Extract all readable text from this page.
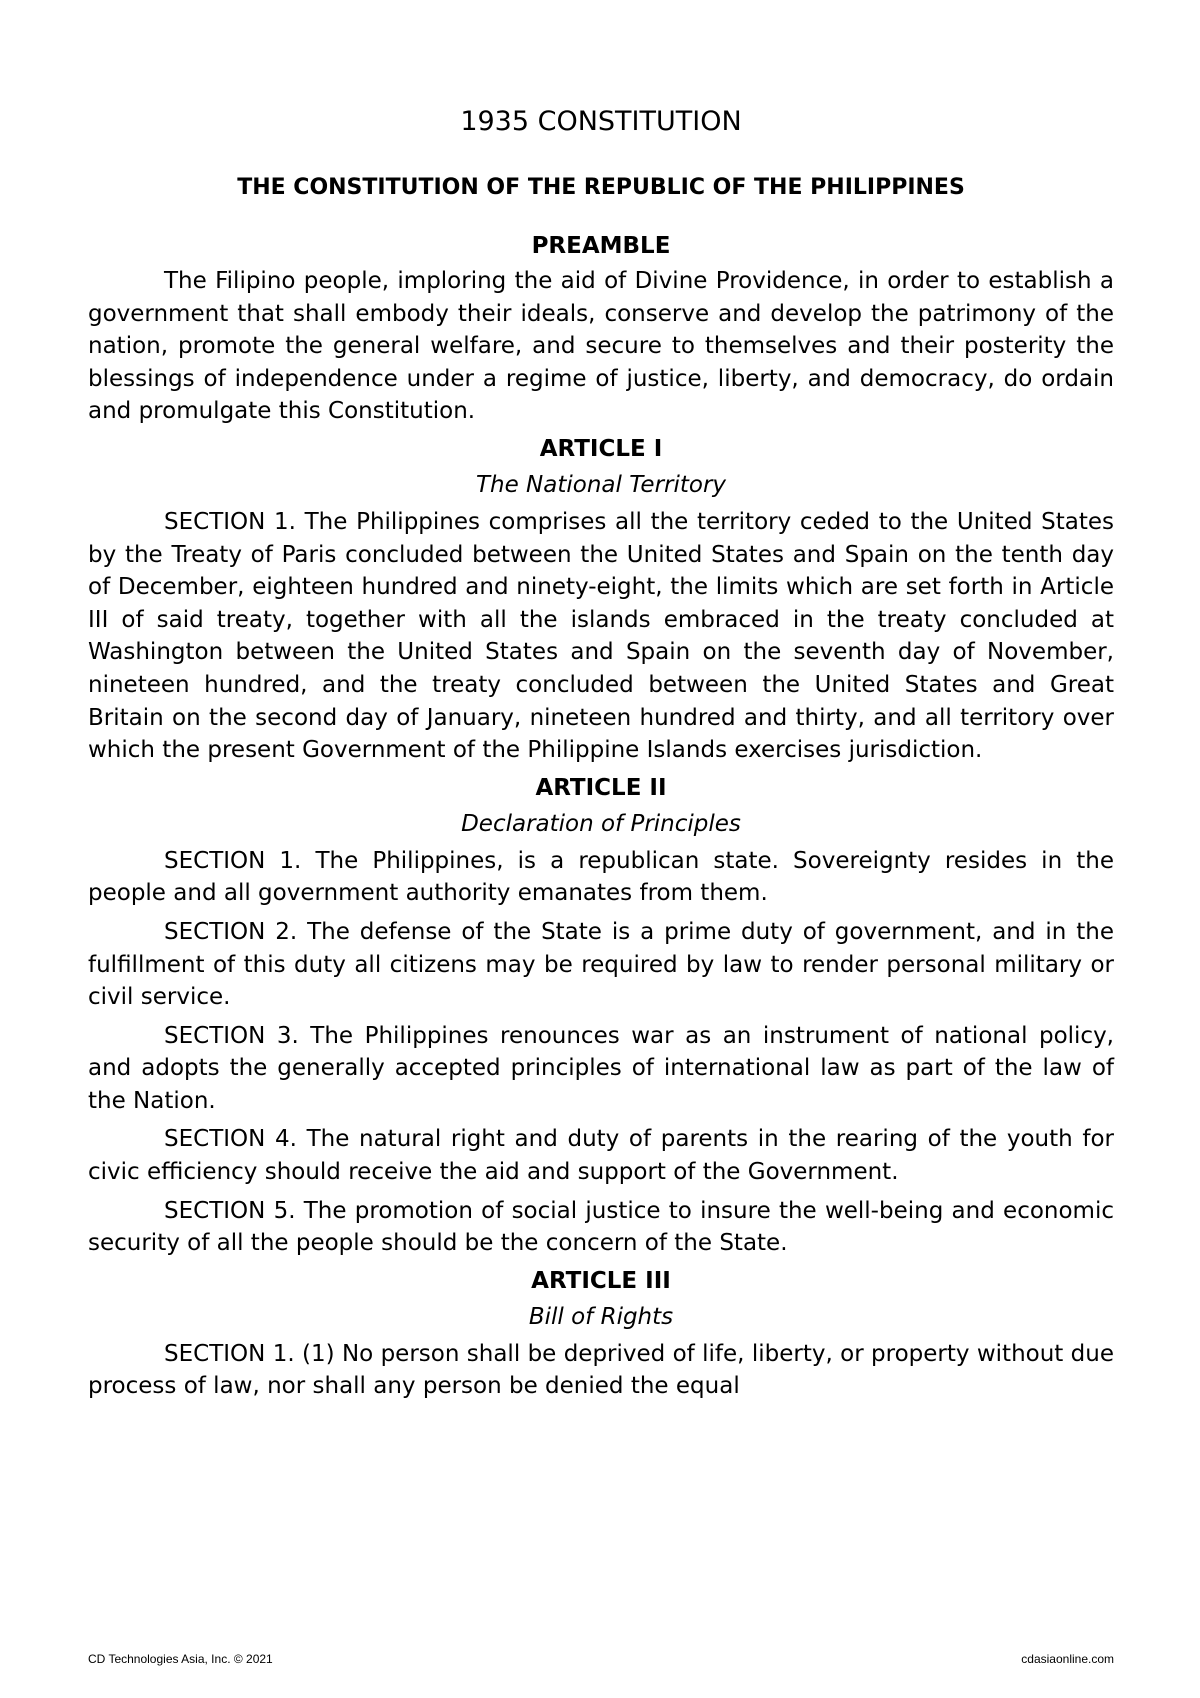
1935 CONSTITUTION
THE CONSTITUTION OF THE REPUBLIC OF THE PHILIPPINES
PREAMBLE

The Filipino people, imploring the aid of Divine Providence, in order to establish a government that shall embody their ideals, conserve and develop the patrimony of the nation, promote the general welfare, and secure to themselves and their posterity the blessings of independence under a regime of justice, liberty, and democracy, do ordain and promulgate this Constitution.

ARTICLE I
The National Territory

SECTION 1. The Philippines comprises all the territory ceded to the United States by the Treaty of Paris concluded between the United States and Spain on the tenth day of December, eighteen hundred and ninety-eight, the limits which are set forth in Article III of said treaty, together with all the islands embraced in the treaty concluded at Washington between the United States and Spain on the seventh day of November, nineteen hundred, and the treaty concluded between the United States and Great Britain on the second day of January, nineteen hundred and thirty, and all territory over which the present Government of the Philippine Islands exercises jurisdiction.

ARTICLE II
Declaration of Principles

SECTION 1. The Philippines, is a republican state. Sovereignty resides in the people and all government authority emanates from them.

SECTION 2. The defense of the State is a prime duty of government, and in the fulfillment of this duty all citizens may be required by law to render personal military or civil service.

SECTION 3. The Philippines renounces war as an instrument of national policy, and adopts the generally accepted principles of international law as part of the law of the Nation.

SECTION 4. The natural right and duty of parents in the rearing of the youth for civic efficiency should receive the aid and support of the Government.

SECTION 5. The promotion of social justice to insure the well-being and economic security of all the people should be the concern of the State.

ARTICLE III
Bill of Rights

SECTION 1. (1) No person shall be deprived of life, liberty, or property without due process of law, nor shall any person be denied the equal

CD Technologies Asia, Inc. © 2021	cdasiaonline.com
